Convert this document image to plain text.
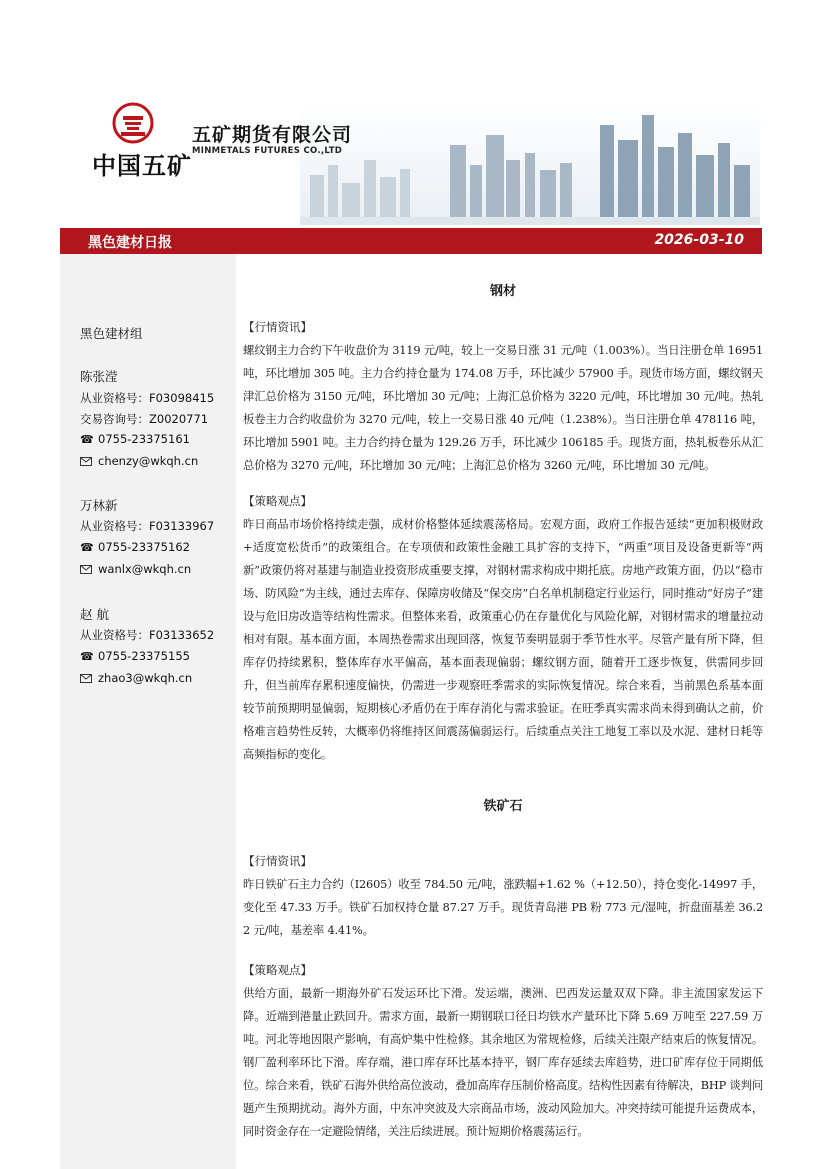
中国五矿
五矿期货有限公司
MINMETALS FUTURES CO.,LTD
黑色建材日报	2026-03-10
黑色建材组
陈张滢
从业资格号：F03098415
交易咨询号：Z0020771
☎ 0755-23375161
chenzy@wkqh.cn
万林新
从业资格号：F03133967
☎ 0755-23375162
wanlx@wkqh.cn
赵 航
从业资格号：F03133652
☎ 0755-23375155
zhao3@wkqh.cn
钢材
【行情资讯】
螺纹钢主力合约下午收盘价为 3119 元/吨，较上一交易日涨 31 元/吨（1.003%）。当日注册仓单 16951 吨，环比增加 305 吨。主力合约持仓量为 174.08 万手，环比减少 57900 手。现货市场方面，螺纹钢天津汇总价格为 3150 元/吨，环比增加 30 元/吨；上海汇总价格为 3220 元/吨，环比增加 30 元/吨。热轧板卷主力合约收盘价为 3270 元/吨，较上一交易日涨 40 元/吨（1.238%）。当日注册仓单 478116 吨，环比增加 5901 吨。主力合约持仓量为 129.26 万手，环比减少 106185 手。现货方面，热轧板卷乐从汇总价格为 3270 元/吨，环比增加 30 元/吨；上海汇总价格为 3260 元/吨，环比增加 30 元/吨。
【策略观点】
昨日商品市场价格持续走强，成材价格整体延续震荡格局。宏观方面，政府工作报告延续“更加积极财政+适度宽松货币”的政策组合。在专项债和政策性金融工具扩容的支持下，“两重”项目及设备更新等“两新”政策仍将对基建与制造业投资形成重要支撑，对钢材需求构成中期托底。房地产政策方面，仍以“稳市场、防风险”为主线，通过去库存、保障房收储及“保交房”白名单机制稳定行业运行，同时推动“好房子”建设与危旧房改造等结构性需求。但整体来看，政策重心仍在存量优化与风险化解，对钢材需求的增量拉动相对有限。基本面方面，本周热卷需求出现回落，恢复节奏明显弱于季节性水平。尽管产量有所下降，但库存仍持续累积，整体库存水平偏高，基本面表现偏弱；螺纹钢方面，随着开工逐步恢复，供需同步回升，但当前库存累积速度偏快，仍需进一步观察旺季需求的实际恢复情况。综合来看，当前黑色系基本面较节前预期明显偏弱，短期核心矛盾仍在于库存消化与需求验证。在旺季真实需求尚未得到确认之前，价格难言趋势性反转，大概率仍将维持区间震荡偏弱运行。后续重点关注工地复工率以及水泥、建材日耗等高频指标的变化。
铁矿石
【行情资讯】
昨日铁矿石主力合约（I2605）收至 784.50 元/吨，涨跌幅+1.62 %（+12.50），持仓变化-14997 手，变化至 47.33 万手。铁矿石加权持仓量 87.27 万手。现货青岛港 PB 粉 773 元/湿吨，折盘面基差 36.22 元/吨，基差率 4.41%。
【策略观点】
供给方面，最新一期海外矿石发运环比下滑。发运端，澳洲、巴西发运量双双下降。非主流国家发运下降。近端到港量止跌回升。需求方面，最新一期钢联口径日均铁水产量环比下降 5.69 万吨至 227.59 万吨。河北等地因限产影响，有高炉集中性检修。其余地区为常规检修，后续关注限产结束后的恢复情况。钢厂盈利率环比下滑。库存端，港口库存环比基本持平，钢厂库存延续去库趋势，进口矿库存位于同期低位。综合来看，铁矿石海外供给高位波动，叠加高库存压制价格高度。结构性因素有待解决，BHP 谈判问题产生预期扰动。海外方面，中东冲突波及大宗商品市场，波动风险加大。冲突持续可能提升运费成本，同时资金存在一定避险情绪，关注后续进展。预计短期价格震荡运行。
